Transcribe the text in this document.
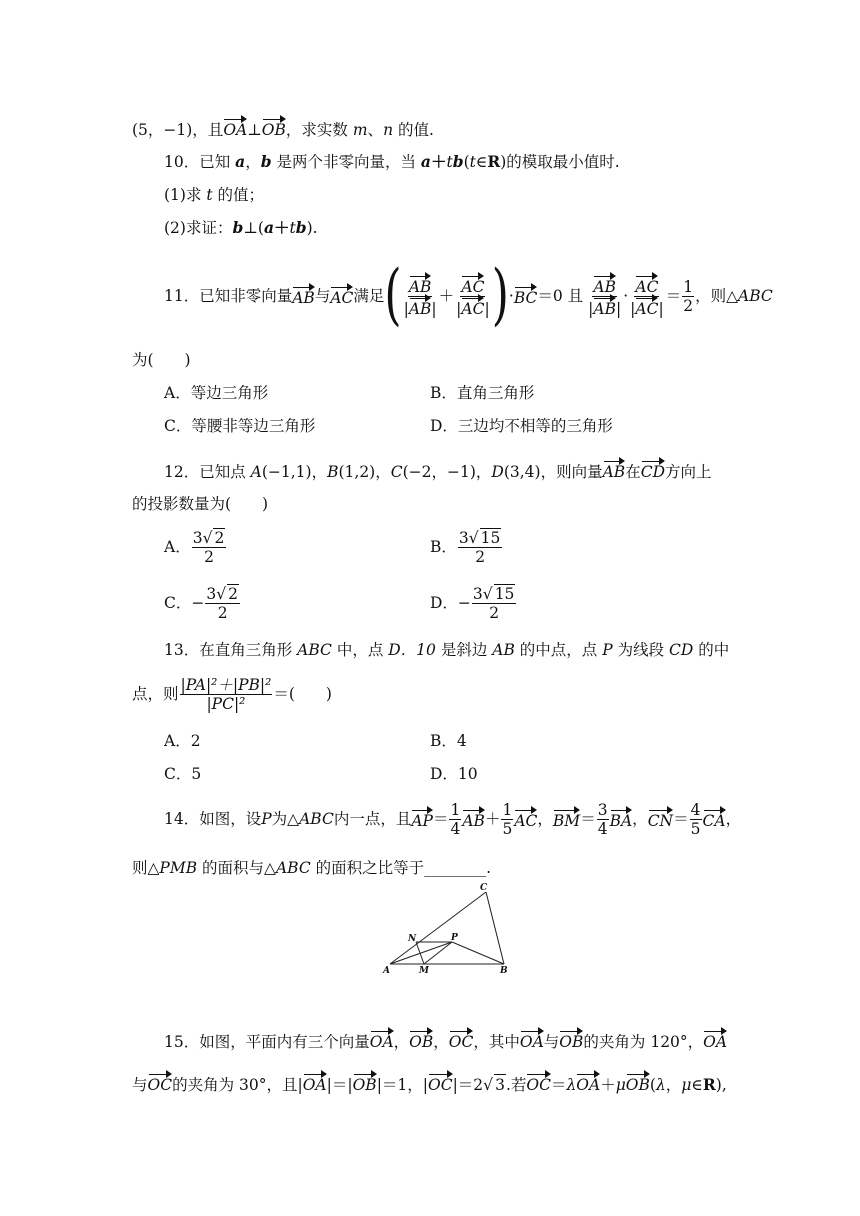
(5，−1)，且OA⊥OB，求实数 m、n 的值.
10．已知 a，b 是两个非零向量，当 a＋tb(t∈R)的模取最小值时.
(1)求 t 的值；
(2)求证：b⊥(a＋tb).
11．已知非零向量 AB 与 AC 满足 ( $\frac{AB}{|AB|} + \frac{AC}{|AC|}$ ) · BC ＝0 且 $\frac{AB}{|AB|} \cdot \frac{AC}{|AC|} = \frac{1}{2}$ ，则△ ABC
为(　　)
A．等边三角形	B．直角三角形
C．等腰非等边三角形	D．三边均不相等的三角形
12．已知点 A(−1,1)，B(1,2)，C(−2，−1)，D(3,4)，则向量AB在CD方向上
的投影数量为(　　)
A． $\frac{3√ 2}{2}$	B． $\frac{3√ 15}{2}$
C．− $\frac{3√ 2}{2}$	D．− $\frac{3√ 15}{2}$
13．在直角三角形 ABC 中，点 D．10 是斜边 AB 的中点，点 P 为线段 CD 的中
点，则 $\frac{\text{|PA|²＋|PB|²}}{\text{|PC|²}}$ ＝(　　)
A．2	B．4
C．5	D．10
14．如图，设 P 为△ ABC 内一点，且 AP ＝ $\frac{1}{4}$ AB ＋ $\frac{1}{5}$ AC ， BM ＝ $\frac{3}{4}$ BA ， CN ＝ $\frac{4}{5}$ CA ，
则△PMB 的面积与△ABC 的面积之比等于________.
C
N	P
A	M	B
15．如图，平面内有三个向量OA，OB，OC，其中OA与OB的夹角为 120°，OA
与OC的夹角为 30°，且|OA|＝|OB|＝1，|OC|＝2√ 3.若OC＝λOA＋μOB(λ，μ∈R),
